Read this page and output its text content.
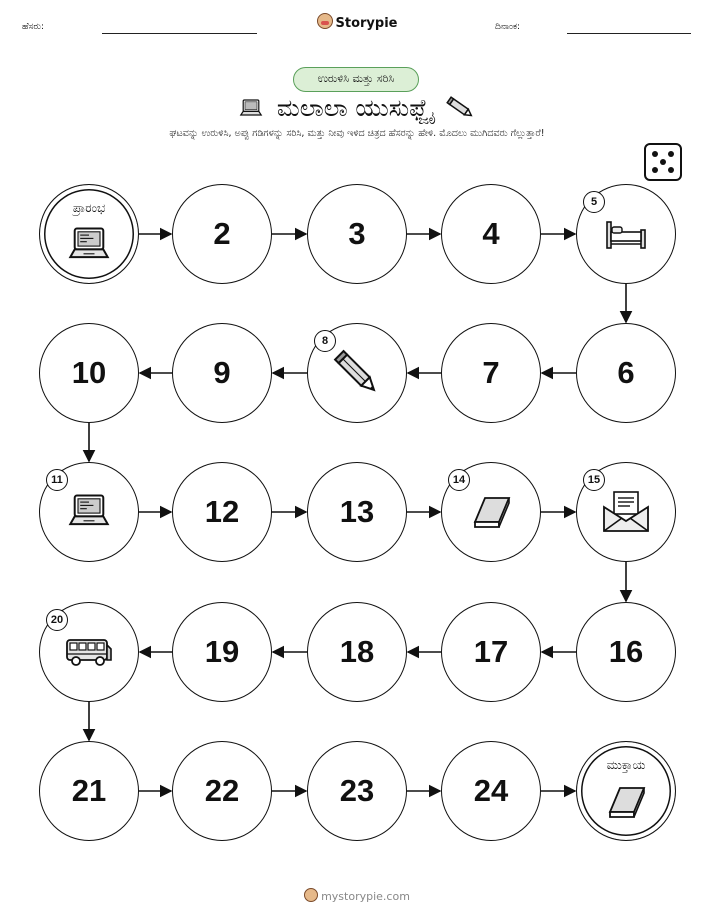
ಹೆಸರು:	Storypie	ದಿನಾಂಕ:
ಉರುಳಿಸಿ ಮತ್ತು ಸರಿಸಿ
ಮಲಾಲಾ ಯುಸುಫ್ಜೈ
ಘಟವನ್ನು ಉರುಳಿಸಿ, ಅಪ್ಪು ಗಡಿಗಳನ್ನು ಸರಿಸಿ, ಮತ್ತು ನೀವು ಇಳಿದ ಚಿತ್ರದ ಹೆಸರನ್ನು ಹೇಳಿ. ಮೊದಲು ಮುಗಿದವರು ಗೆಲ್ಲುತ್ತಾರೆ!
ಪ್ರಾರಂಭ
2	3	4
5
6
7
8
9
10
11
12	13
14	15
16
17
18
19
20
21	22	23	24
ಮುಕ್ತಾಯ
mystorypie.com
